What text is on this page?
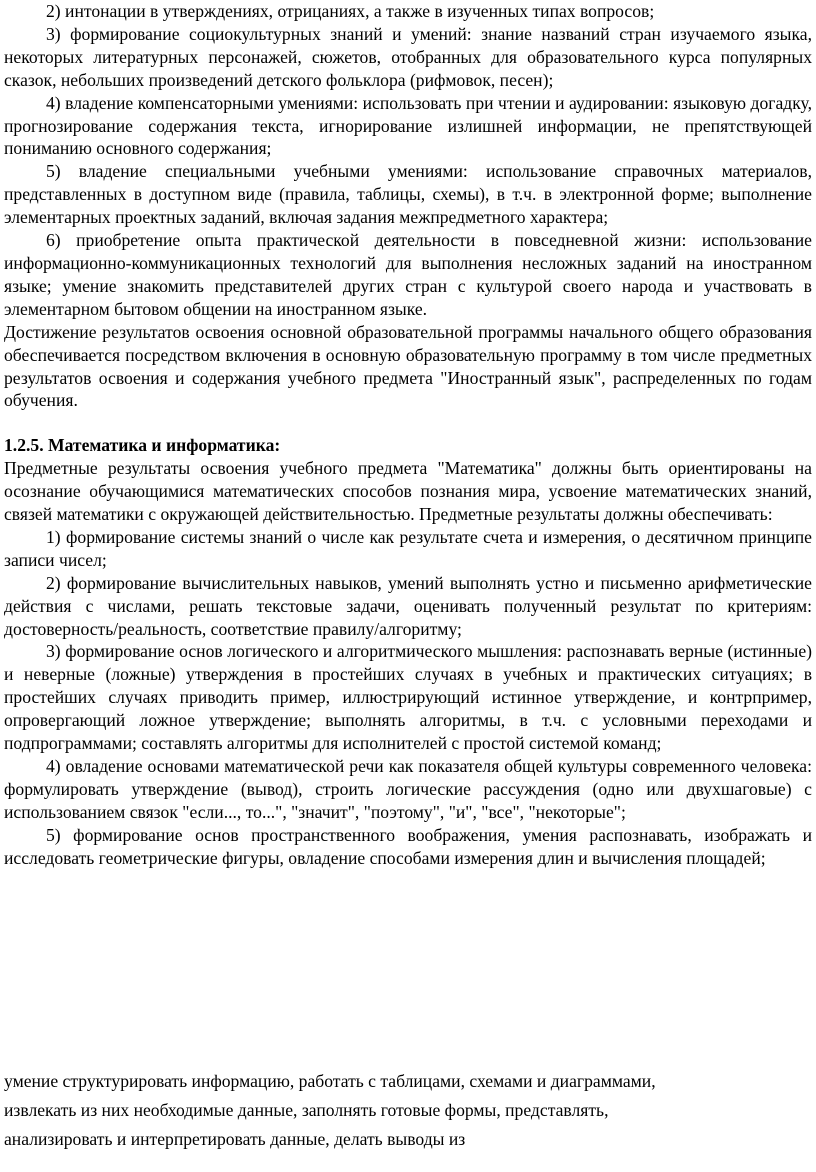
2) интонации в утверждениях, отрицаниях, а также в изученных типах вопросов;

3) формирование социокультурных знаний и умений: знание названий стран изучаемого языка, некоторых литературных персонажей, сюжетов, отобранных для образовательного курса популярных сказок, небольших произведений детского фольклора (рифмовок, песен);

4) владение компенсаторными умениями: использовать при чтении и аудировании: языковую догадку, прогнозирование содержания текста, игнорирование излишней информации, не препятствующей пониманию основного содержания;

5) владение специальными учебными умениями: использование справочных материалов, представленных в доступном виде (правила, таблицы, схемы), в т.ч. в электронной форме; выполнение элементарных проектных заданий, включая задания межпредметного характера;

6) приобретение опыта практической деятельности в повседневной жизни: использование информационно-коммуникационных технологий для выполнения несложных заданий на иностранном языке; умение знакомить представителей других стран с культурой своего народа и участвовать в элементарном бытовом общении на иностранном языке.

Достижение результатов освоения основной образовательной программы начального общего образования обеспечивается посредством включения в основную образовательную программу в том числе предметных результатов освоения и содержания учебного предмета "Иностранный язык", распределенных по годам обучения.

1.2.5. Математика и информатика:

Предметные результаты освоения учебного предмета "Математика" должны быть ориентированы на осознание обучающимися математических способов познания мира, усвоение математических знаний, связей математики с окружающей действительностью. Предметные результаты должны обеспечивать:

1) формирование системы знаний о числе как результате счета и измерения, о десятичном принципе записи чисел;

2) формирование вычислительных навыков, умений выполнять устно и письменно арифметические действия с числами, решать текстовые задачи, оценивать полученный результат по критериям: достоверность/реальность, соответствие правилу/алгоритму;

3) формирование основ логического и алгоритмического мышления: распознавать верные (истинные) и неверные (ложные) утверждения в простейших случаях в учебных и практических ситуациях; в простейших случаях приводить пример, иллюстрирующий истинное утверждение, и контрпример, опровергающий ложное утверждение; выполнять алгоритмы, в т.ч. с условными переходами и подпрограммами; составлять алгоритмы для исполнителей с простой системой команд;

4) овладение основами математической речи как показателя общей культуры современного человека: формулировать утверждение (вывод), строить логические рассуждения (одно или двухшаговые) с использованием связок "если..., то...", "значит", "поэтому", "и", "все", "некоторые";

5) формирование основ пространственного воображения, умения распознавать, изображать и исследовать геометрические фигуры, овладение способами измерения длин и вычисления площадей;

умение структурировать информацию, работать с таблицами, схемами и диаграммами,
извлекать из них необходимые данные, заполнять готовые формы, представлять,
анализировать и интерпретировать данные, делать выводы из
